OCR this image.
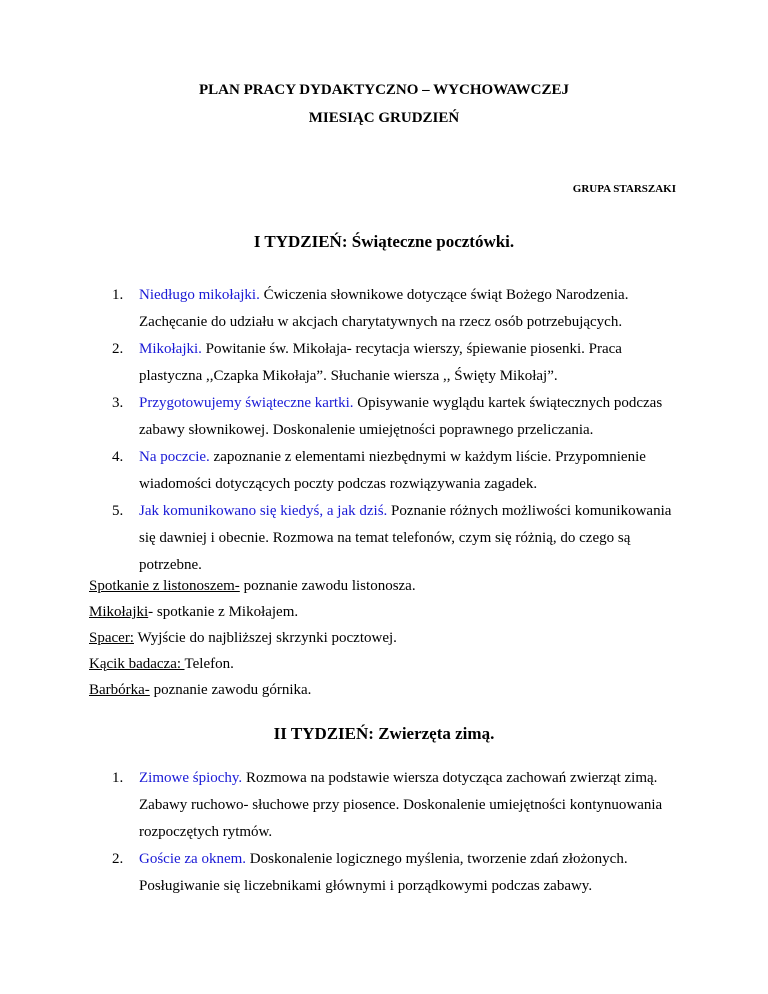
PLAN PRACY DYDAKTYCZNO – WYCHOWAWCZEJ
MIESIĄC GRUDZIEŃ
GRUPA STARSZAKI
I TYDZIEŃ: Świąteczne pocztówki.
1. Niedługo mikołajki. Ćwiczenia słownikowe dotyczące świąt Bożego Narodzenia. Zachęcanie do udziału w akcjach charytatywnych na rzecz osób potrzebujących.
2. Mikołajki. Powitanie św. Mikołaja- recytacja wierszy, śpiewanie piosenki. Praca plastyczna ,,Czapka Mikołaja”. Słuchanie wiersza ,, Święty Mikołaj”.
3. Przygotowujemy świąteczne kartki. Opisywanie wyglądu kartek świątecznych podczas zabawy słownikowej. Doskonalenie umiejętności poprawnego przeliczania.
4. Na poczcie. zapoznanie z elementami niezbędnymi w każdym liście. Przypomnienie wiadomości dotyczących poczty podczas rozwiązywania zagadek.
5. Jak komunikowano się kiedyś, a jak dziś. Poznanie różnych możliwości komunikowania się dawniej i obecnie. Rozmowa na temat telefonów, czym się różnią, do czego są potrzebne.
Spotkanie z listonoszem- poznanie zawodu listonosza.
Mikołajki- spotkanie z Mikołajem.
Spacer: Wyjście do najbliższej skrzynki pocztowej.
Kącik badacza: Telefon.
Barbórka- poznanie zawodu górnika.
II TYDZIEŃ: Zwierzęta zimą.
1. Zimowe śpiochy. Rozmowa na podstawie wiersza dotycząca zachowań zwierząt zimą. Zabawy ruchowo- słuchowe przy piosence. Doskonalenie umiejętności kontynuowania rozpoczętych rytmów.
2. Goście za oknem. Doskonalenie logicznego myślenia, tworzenie zdań złożonych. Posługiwanie się liczebnikami głównymi i porządkowymi podczas zabawy.
